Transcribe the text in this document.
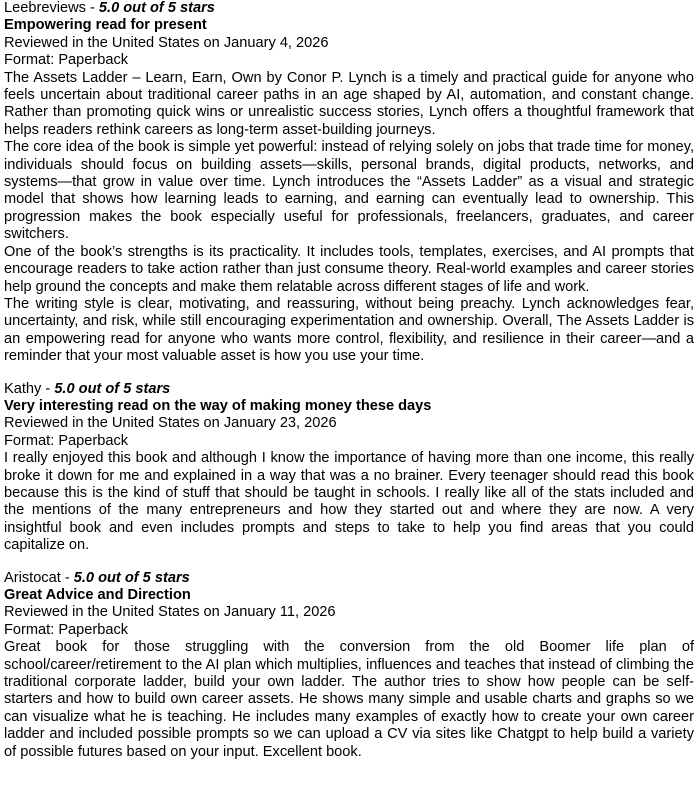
Leebreviews - 5.0 out of 5 stars
Empowering read for present
Reviewed in the United States on January 4, 2026
Format: Paperback

The Assets Ladder – Learn, Earn, Own by Conor P. Lynch is a timely and practical guide for anyone who feels uncertain about traditional career paths in an age shaped by AI, automation, and constant change. Rather than promoting quick wins or unrealistic success stories, Lynch offers a thoughtful framework that helps readers rethink careers as long-term asset-building journeys.

The core idea of the book is simple yet powerful: instead of relying solely on jobs that trade time for money, individuals should focus on building assets—skills, personal brands, digital products, networks, and systems—that grow in value over time. Lynch introduces the “Assets Ladder” as a visual and strategic model that shows how learning leads to earning, and earning can eventually lead to ownership. This progression makes the book especially useful for professionals, freelancers, graduates, and career switchers.

One of the book’s strengths is its practicality. It includes tools, templates, exercises, and AI prompts that encourage readers to take action rather than just consume theory. Real-world examples and career stories help ground the concepts and make them relatable across different stages of life and work.

The writing style is clear, motivating, and reassuring, without being preachy. Lynch acknowledges fear, uncertainty, and risk, while still encouraging experimentation and ownership. Overall, The Assets Ladder is an empowering read for anyone who wants more control, flexibility, and resilience in their career—and a reminder that your most valuable asset is how you use your time.

Kathy - 5.0 out of 5 stars
Very interesting read on the way of making money these days
Reviewed in the United States on January 23, 2026
Format: Paperback

I really enjoyed this book and although I know the importance of having more than one income, this really broke it down for me and explained in a way that was a no brainer. Every teenager should read this book because this is the kind of stuff that should be taught in schools. I really like all of the stats included and the mentions of the many entrepreneurs and how they started out and where they are now. A very insightful book and even includes prompts and steps to take to help you find areas that you could capitalize on.

Aristocat - 5.0 out of 5 stars
Great Advice and Direction
Reviewed in the United States on January 11, 2026
Format: Paperback

Great book for those struggling with the conversion from the old Boomer life plan of school/career/retirement to the AI plan which multiplies, influences and teaches that instead of climbing the traditional corporate ladder, build your own ladder. The author tries to show how people can be self-starters and how to build own career assets. He shows many simple and usable charts and graphs so we can visualize what he is teaching. He includes many examples of exactly how to create your own career ladder and included possible prompts so we can upload a CV via sites like Chatgpt to help build a variety of possible futures based on your input. Excellent book.
